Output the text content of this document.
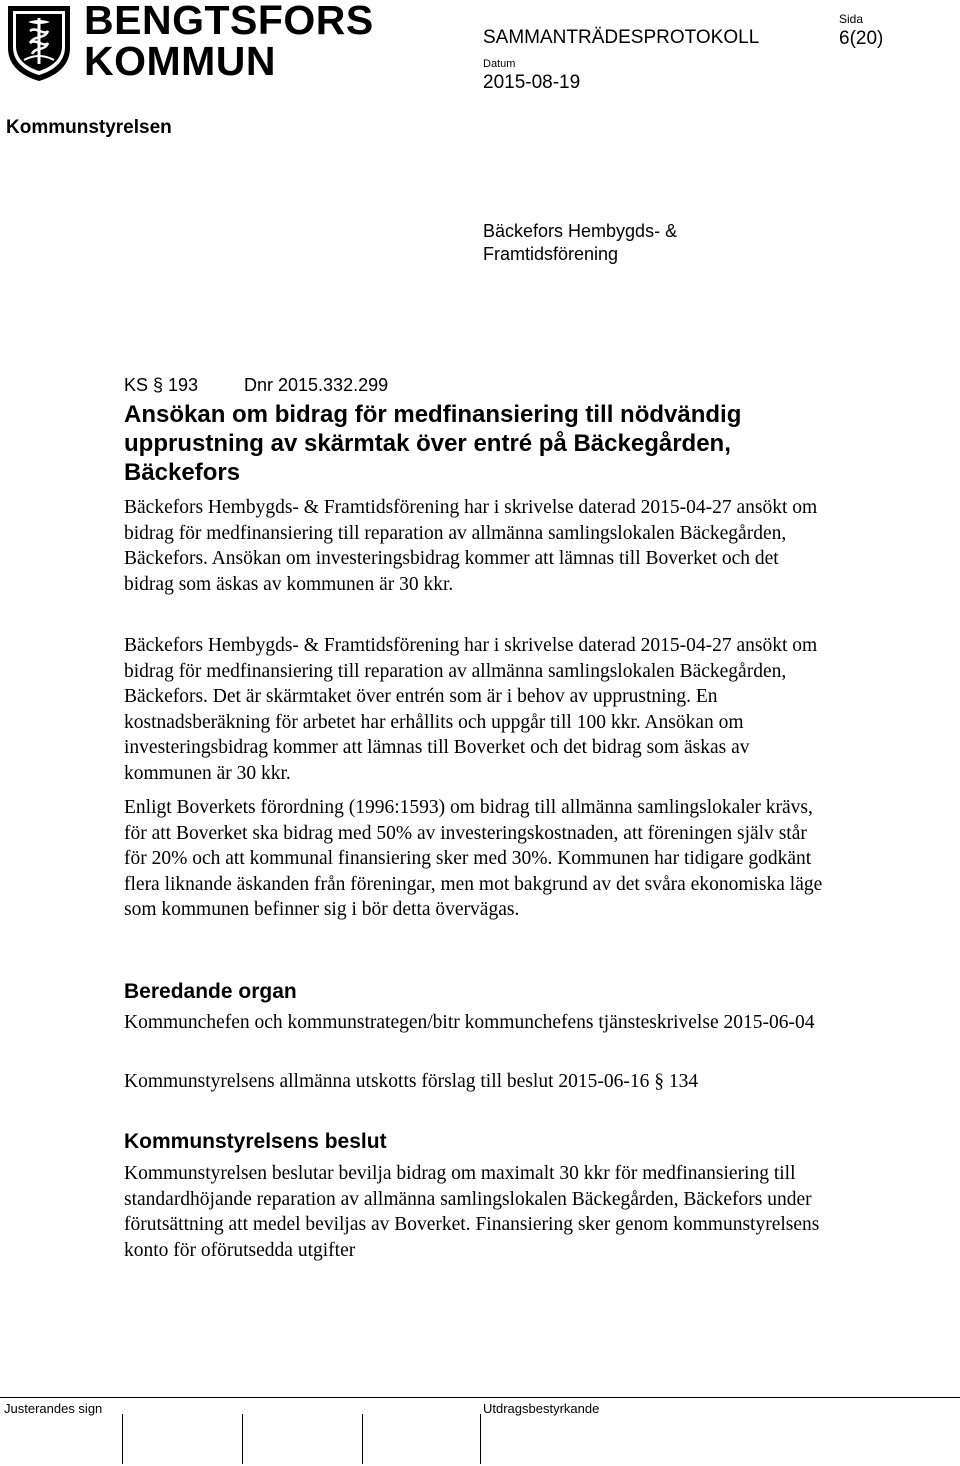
BENGTSFORS
KOMMUN
SAMMANTRÄDESPROTOKOLL
Sida
6(20)
Datum
2015-08-19
Kommunstyrelsen
Bäckefors Hembygds- &
Framtidsförening
KS § 193	Dnr 2015.332.299
Ansökan om bidrag för medfinansiering till nödvändig upprustning av skärmtak över entré på Bäckegården, Bäckefors
Bäckefors Hembygds- & Framtidsförening har i skrivelse daterad 2015-04-27 ansökt om bidrag för medfinansiering till reparation av allmänna samlingslokalen Bäckegården, Bäckefors. Ansökan om investeringsbidrag kommer att lämnas till Boverket och det bidrag som äskas av kommunen är 30 kkr.
Bäckefors Hembygds- & Framtidsförening har i skrivelse daterad 2015-04-27 ansökt om bidrag för medfinansiering till reparation av allmänna samlingslokalen Bäckegården, Bäckefors. Det är skärmtaket över entrén som är i behov av upprustning. En kostnadsberäkning för arbetet har erhållits och uppgår till 100 kkr. Ansökan om investeringsbidrag kommer att lämnas till Boverket och det bidrag som äskas av kommunen är 30 kkr.
Enligt Boverkets förordning (1996:1593) om bidrag till allmänna samlingslokaler krävs, för att Boverket ska bidrag med 50% av investeringskostnaden, att föreningen själv står för 20% och att kommunal finansiering sker med 30%. Kommunen har tidigare godkänt flera liknande äskanden från föreningar, men mot bakgrund av det svåra ekonomiska läge som kommunen befinner sig i bör detta övervägas.
Beredande organ
Kommunchefen och kommunstrategen/bitr kommunchefens tjänsteskrivelse 2015-06-04
Kommunstyrelsens allmänna utskotts förslag till beslut 2015-06-16 § 134
Kommunstyrelsens beslut
Kommunstyrelsen beslutar bevilja bidrag om maximalt 30 kkr för medfinansiering till standardhöjande reparation av allmänna samlingslokalen Bäckegården, Bäckefors under förutsättning att medel beviljas av Boverket. Finansiering sker genom kommunstyrelsens konto för oförutsedda utgifter
Justerandes sign	Utdragsbestyrkande
